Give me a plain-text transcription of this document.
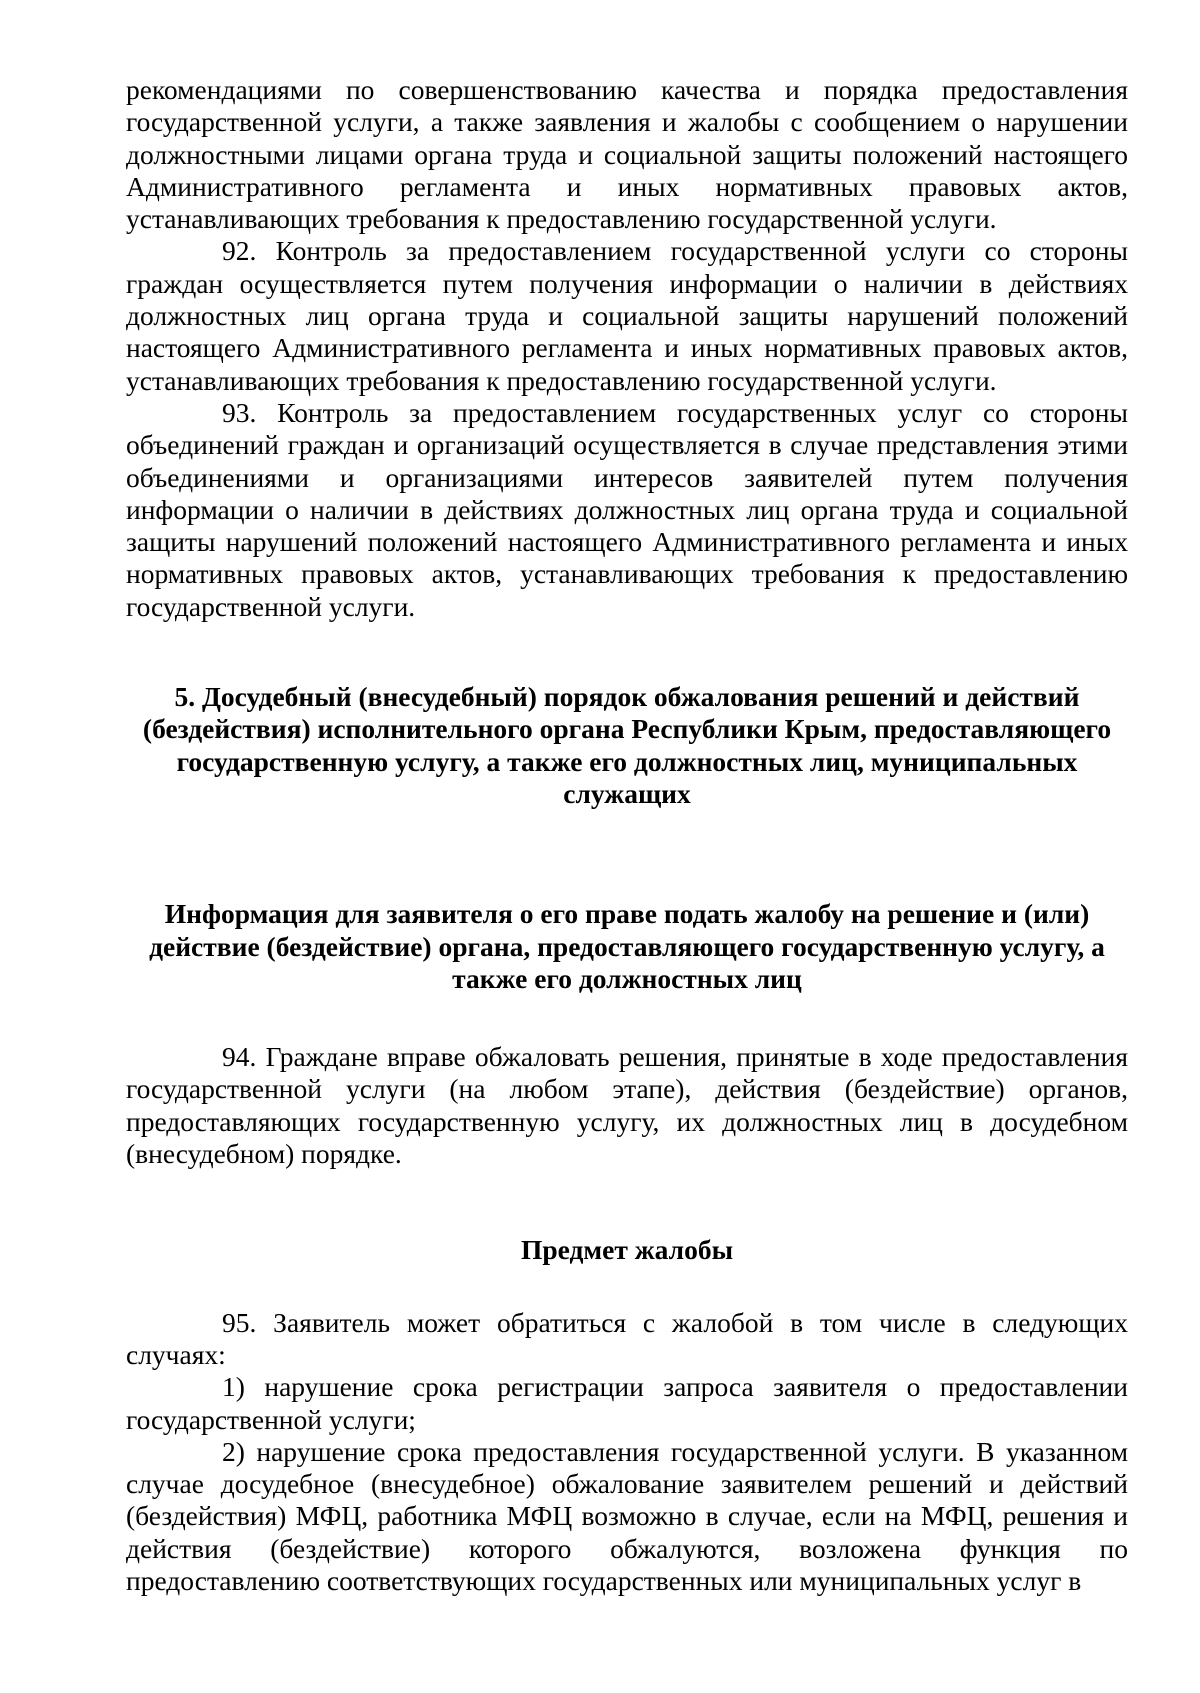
рекомендациями по совершенствованию качества и порядка предоставления государственной услуги, а также заявления и жалобы с сообщением о нарушении должностными лицами органа труда и социальной защиты положений настоящего Административного регламента и иных нормативных правовых актов, устанавливающих требования к предоставлению государственной услуги.

92. Контроль за предоставлением государственной услуги со стороны граждан осуществляется путем получения информации о наличии в действиях должностных лиц органа труда и социальной защиты нарушений положений настоящего Административного регламента и иных нормативных правовых актов, устанавливающих требования к предоставлению государственной услуги.

93. Контроль за предоставлением государственных услуг со стороны объединений граждан и организаций осуществляется в случае представления этими объединениями и организациями интересов заявителей путем получения информации о наличии в действиях должностных лиц органа труда и социальной защиты нарушений положений настоящего Административного регламента и иных нормативных правовых актов, устанавливающих требования к предоставлению государственной услуги.

5. Досудебный (внесудебный) порядок обжалования решений и действий (бездействия) исполнительного органа Республики Крым, предоставляющего государственную услугу, а также его должностных лиц, муниципальных служащих
Информация для заявителя о его праве подать жалобу на решение и (или) действие (бездействие) органа, предоставляющего государственную услугу, а также его должностных лиц

94. Граждане вправе обжаловать решения, принятые в ходе предоставления государственной услуги (на любом этапе), действия (бездействие) органов, предоставляющих государственную услугу, их должностных лиц в досудебном (внесудебном) порядке.

Предмет жалобы

95. Заявитель может обратиться с жалобой в том числе в следующих случаях:

1) нарушение срока регистрации запроса заявителя о предоставлении государственной услуги;

2) нарушение срока предоставления государственной услуги. В указанном случае досудебное (внесудебное) обжалование заявителем решений и действий (бездействия) МФЦ, работника МФЦ возможно в случае, если на МФЦ, решения и действия (бездействие) которого обжалуются, возложена функция по предоставлению соответствующих государственных или муниципальных услуг в
